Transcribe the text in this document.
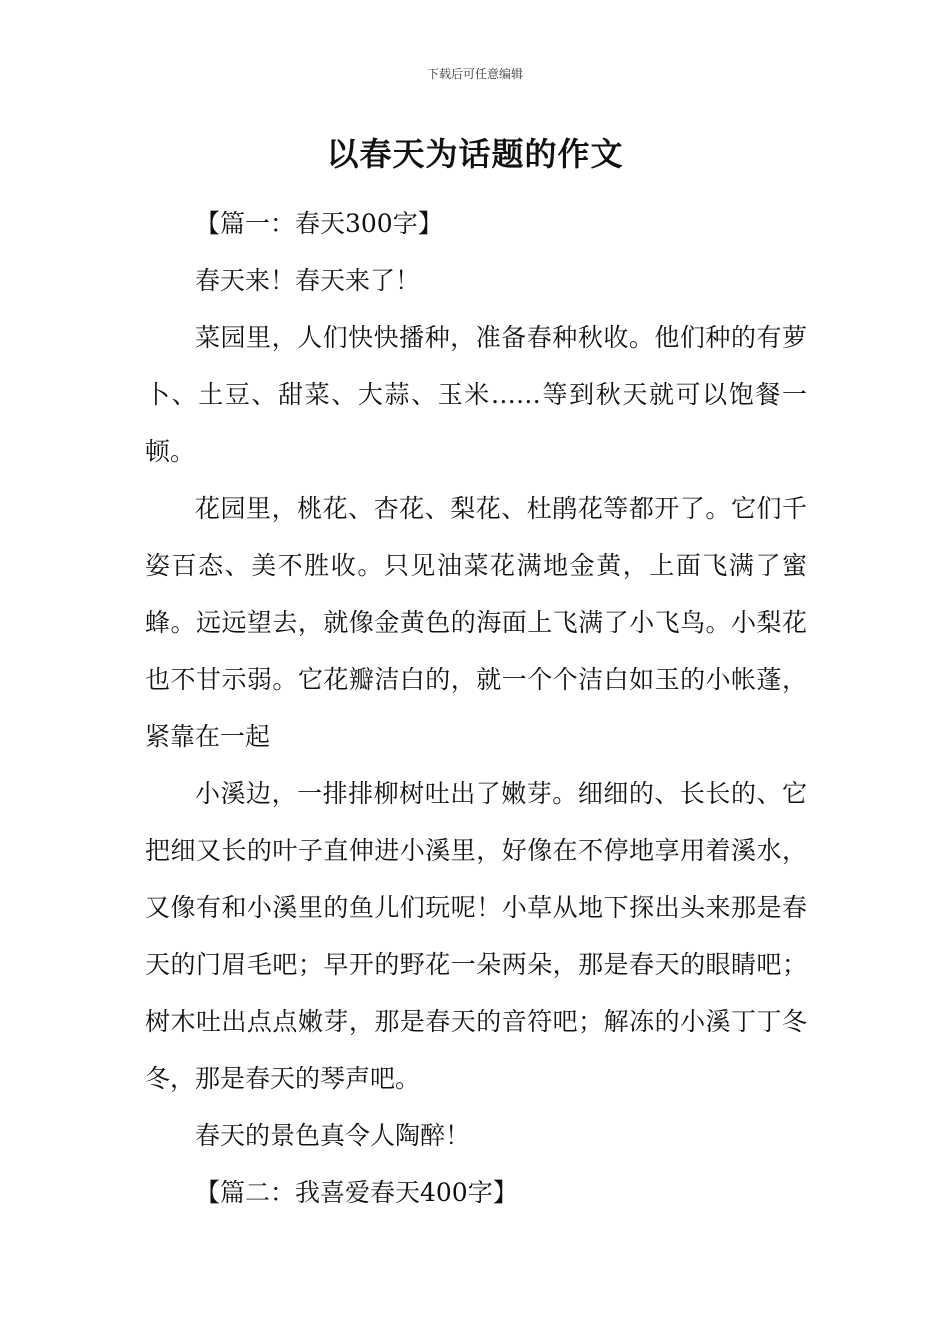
下载后可任意编辑
以春天为话题的作文

【篇一：春天300字】

春天来！春天来了！

菜园里，人们快快播种，准备春种秋收。他们种的有萝卜、土豆、甜菜、大蒜、玉米……等到秋天就可以饱餐一顿。

花园里，桃花、杏花、梨花、杜鹃花等都开了。它们千姿百态、美不胜收。只见油菜花满地金黄，上面飞满了蜜蜂。远远望去，就像金黄色的海面上飞满了小飞鸟。小梨花也不甘示弱。它花瓣洁白的，就一个个洁白如玉的小帐蓬，紧靠在一起

小溪边，一排排柳树吐出了嫩芽。细细的、长长的、它把细又长的叶子直伸进小溪里，好像在不停地享用着溪水，又像有和小溪里的鱼儿们玩呢！小草从地下探出头来那是春天的门眉毛吧；早开的野花一朵两朵，那是春天的眼睛吧；树木吐出点点嫩芽，那是春天的音符吧；解冻的小溪丁丁冬冬，那是春天的琴声吧。

春天的景色真令人陶醉！

【篇二：我喜爱春天400字】
